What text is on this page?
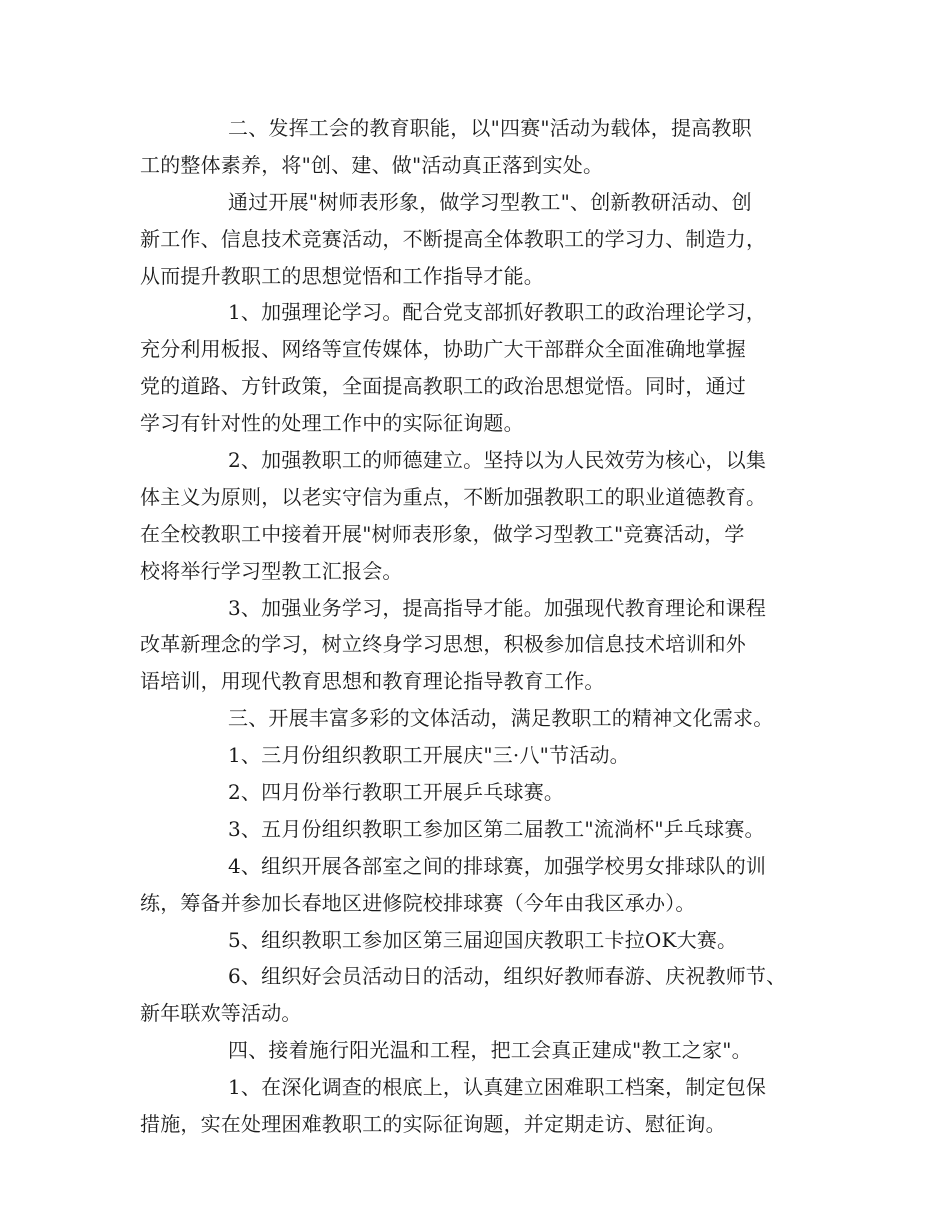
二、发挥工会的教育职能，以"四赛"活动为载体，提高教职
工的整体素养，将"创、建、做"活动真正落到实处。
通过开展"树师表形象，做学习型教工"、创新教研活动、创
新工作、信息技术竞赛活动，不断提高全体教职工的学习力、制造力，
从而提升教职工的思想觉悟和工作指导才能。
1、加强理论学习。配合党支部抓好教职工的政治理论学习，
充分利用板报、网络等宣传媒体，协助广大干部群众全面准确地掌握
党的道路、方针政策，全面提高教职工的政治思想觉悟。同时，通过
学习有针对性的处理工作中的实际征询题。
2、加强教职工的师德建立。坚持以为人民效劳为核心，以集
体主义为原则，以老实守信为重点，不断加强教职工的职业道德教育。
在全校教职工中接着开展"树师表形象，做学习型教工"竞赛活动，学
校将举行学习型教工汇报会。
3、加强业务学习，提高指导才能。加强现代教育理论和课程
改革新理念的学习，树立终身学习思想，积极参加信息技术培训和外
语培训，用现代教育思想和教育理论指导教育工作。
三、开展丰富多彩的文体活动，满足教职工的精神文化需求。
1、三月份组织教职工开展庆"三·八"节活动。
2、四月份举行教职工开展乒乓球赛。
3、五月份组织教职工参加区第二届教工"流淌杯"乒乓球赛。
4、组织开展各部室之间的排球赛，加强学校男女排球队的训
练，筹备并参加长春地区进修院校排球赛（今年由我区承办）。
5、组织教职工参加区第三届迎国庆教职工卡拉OK大赛。
6、组织好会员活动日的活动，组织好教师春游、庆祝教师节、
新年联欢等活动。
四、接着施行阳光温和工程，把工会真正建成"教工之家"。
1、在深化调查的根底上，认真建立困难职工档案，制定包保
措施，实在处理困难教职工的实际征询题，并定期走访、慰征询。
